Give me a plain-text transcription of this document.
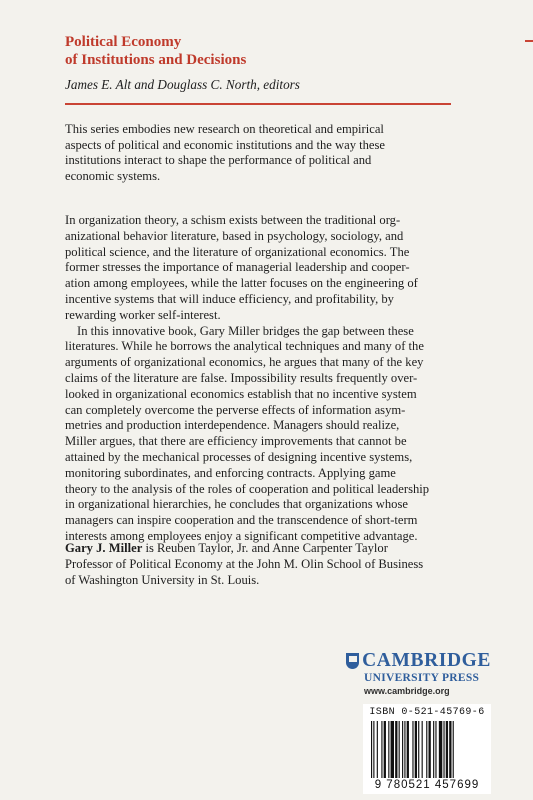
Political Economy
of Institutions and Decisions
James E. Alt and Douglass C. North, editors
This series embodies new research on theoretical and empirical
aspects of political and economic institutions and the way these
institutions interact to shape the performance of political and
economic systems.
In organization theory, a schism exists between the traditional org-
anizational behavior literature, based in psychology, sociology, and
political science, and the literature of organizational economics. The
former stresses the importance of managerial leadership and cooper-
ation among employees, while the latter focuses on the engineering of
incentive systems that will induce efficiency, and profitability, by
rewarding worker self-interest.
In this innovative book, Gary Miller bridges the gap between these
literatures. While he borrows the analytical techniques and many of the
arguments of organizational economics, he argues that many of the key
claims of the literature are false. Impossibility results frequently over-
looked in organizational economics establish that no incentive system
can completely overcome the perverse effects of information asym-
metries and production interdependence. Managers should realize,
Miller argues, that there are efficiency improvements that cannot be
attained by the mechanical processes of designing incentive systems,
monitoring subordinates, and enforcing contracts. Applying game
theory to the analysis of the roles of cooperation and political leadership
in organizational hierarchies, he concludes that organizations whose
managers can inspire cooperation and the transcendence of short-term
interests among employees enjoy a significant competitive advantage.
Gary J. Miller is Reuben Taylor, Jr. and Anne Carpenter Taylor
Professor of Political Economy at the John M. Olin School of Business
of Washington University in St. Louis.
CAMBRIDGE
UNIVERSITY PRESS
www.cambridge.org
ISBN 0-521-45769-6
9 780521 457699
